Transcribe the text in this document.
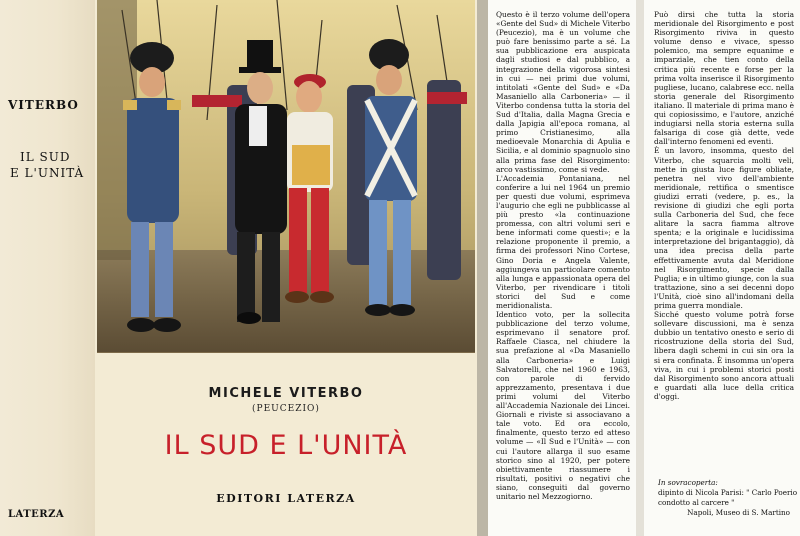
VITERBO
IL SUD
E L'UNITÀ
LATERZA
MICHELE VITERBO
(PEUCEZIO)
IL SUD E L'UNITÀ
EDITORI LATERZA

Questo è il terzo volume dell'opera «Gente del Sud» di Michele Viterbo (Peucezio), ma è un volume che può fare benissimo parte a sé. La sua pubblicazione era auspicata dagli studiosi e dal pubblico, a integrazione della vigorosa sintesi in cui — nei primi due volumi, intitolati «Gente del Sud» e «Da Masaniello alla Carboneria» — il Viterbo condensa tutta la storia del Sud d'Italia, dalla Magna Grecia e dalla Japigia all'epoca romana, al primo Cristianesimo, alla medioevale Monarchia di Apulia e Sicilia, e al dominio spagnuolo sino alla prima fase del Risorgimento: arco vastissimo, come si vede.

L'Accademia Pontaniana, nel conferire a lui nel 1964 un premio per questi due volumi, esprimeva l'augurio che egli ne pubblicasse al più presto «la continuazione promessa, con altri volumi seri e bene informati come questi»; e la relazione proponente il premio, a firma dei professori Nino Cortese, Gino Doria e Angela Valente, aggiungeva un particolare comento alla lunga e appassionata opera del Viterbo, per rivendicare i titoli storici del Sud e come meridionalista.

Identico voto, per la sollecita pubblicazione del terzo volume, esprimevano il senatore prof. Raffaele Ciasca, nel chiudere la sua prefazione al «Da Masaniello alla Carboneria» e Luigi Salvatorelli, che nel 1960 e 1963, con parole di fervido apprezzamento, presentava i due primi volumi del Viterbo all'Accademia Nazionale dei Lincei. Giornali e riviste si associavano a tale voto. Ed ora eccolo, finalmente, questo terzo ed atteso volume — «Il Sud e l'Unità» — con cui l'autore allarga il suo esame storico sino al 1920, per potere obiettivamente riassumere i risultati, positivi o negativi che siano, conseguiti dal governo unitario nel Mezzogiorno.

Può dirsi che tutta la storia meridionale del Risorgimento e post Risorgimento riviva in questo volume denso e vivace, spesso polemico, ma sempre equanime e imparziale, che tien conto della critica più recente e forse per la prima volta inserisce il Risorgimento pugliese, lucano, calabrese ecc. nella storia generale del Risorgimento italiano. Il materiale di prima mano è qui copiosissimo, e l'autore, anziché indugiarsi nella storia esterna sulla falsariga di cose già dette, vede dall'interno fenomeni ed eventi.

È un lavoro, insomma, questo del Viterbo, che squarcia molti veli, mette in giusta luce figure obliate, penetra nel vivo dell'ambiente meridionale, rettifica o smentisce giudizi errati (vedere, p. es., la revisione di giudizi che egli porta sulla Carboneria del Sud, che fece alitare la sacra fiamma altrove spenta; e la originale e lucidissima interpretazione del brigantaggio), dà una idea precisa della parte effettivamente avuta dal Meridione nel Risorgimento, specie dalla Puglia; e in ultimo giunge, con la sua trattazione, sino a sei decenni dopo l'Unità, cioè sino all'indomani della prima guerra mondiale.

Sicché questo volume potrà forse sollevare discussioni, ma è senza dubbio un tentativo onesto e serio di ricostruzione della storia del Sud, libera dagli schemi in cui sin ora la si era confinata. È insomma un'opera viva, in cui i problemi storici posti dal Risorgimento sono ancora attuali e guardati alla luce della critica d'oggi.

In sovracoperta:
dipinto di Nicola Parisi: " Carlo Poerio condotto al carcere "
Napoli, Museo di S. Martino
